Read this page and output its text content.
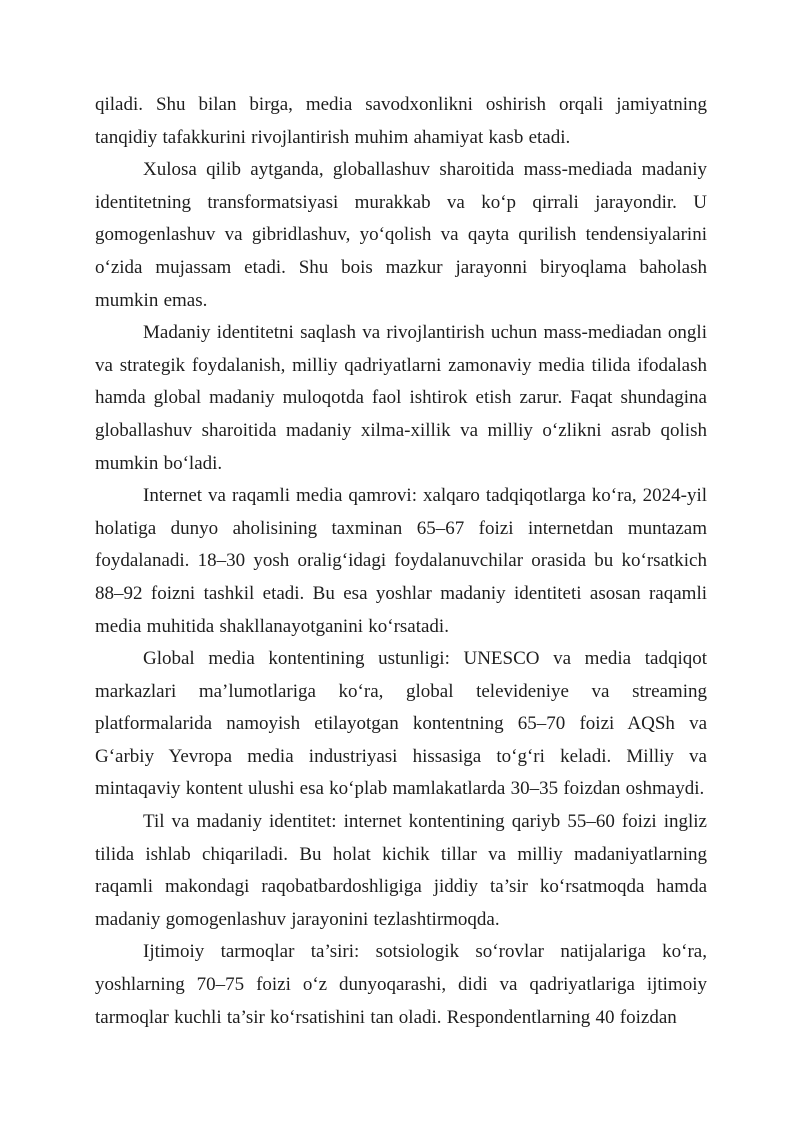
qiladi. Shu bilan birga, media savodxonlikni oshirish orqali jamiyatning tanqidiy tafakkurini rivojlantirish muhim ahamiyat kasb etadi.

Xulosa qilib aytganda, globallashuv sharoitida mass-mediada madaniy identitetning transformatsiyasi murakkab va ko‘p qirrali jarayondir. U gomogenlashuv va gibridlashuv, yo‘qolish va qayta qurilish tendensiyalarini o‘zida mujassam etadi. Shu bois mazkur jarayonni biryoqlama baholash mumkin emas.

Madaniy identitetni saqlash va rivojlantirish uchun mass-mediadan ongli va strategik foydalanish, milliy qadriyatlarni zamonaviy media tilida ifodalash hamda global madaniy muloqotda faol ishtirok etish zarur. Faqat shundagina globallashuv sharoitida madaniy xilma-xillik va milliy o‘zlikni asrab qolish mumkin bo‘ladi.

Internet va raqamli media qamrovi: xalqaro tadqiqotlarga ko‘ra, 2024-yil holatiga dunyo aholisining taxminan 65–67 foizi internetdan muntazam foydalanadi. 18–30 yosh oralig‘idagi foydalanuvchilar orasida bu ko‘rsatkich 88–92 foizni tashkil etadi. Bu esa yoshlar madaniy identiteti asosan raqamli media muhitida shakllanayotganini ko‘rsatadi.

Global media kontentining ustunligi: UNESCO va media tadqiqot markazlari ma’lumotlariga ko‘ra, global televideniye va streaming platformalarida namoyish etilayotgan kontentning 65–70 foizi AQSh va G‘arbiy Yevropa media industriyasi hissasiga to‘g‘ri keladi. Milliy va mintaqaviy kontent ulushi esa ko‘plab mamlakatlarda 30–35 foizdan oshmaydi.

Til va madaniy identitet: internet kontentining qariyb 55–60 foizi ingliz tilida ishlab chiqariladi. Bu holat kichik tillar va milliy madaniyatlarning raqamli makondagi raqobatbardoshligiga jiddiy ta’sir ko‘rsatmoqda hamda madaniy gomogenlashuv jarayonini tezlashtirmoqda.

Ijtimoiy tarmoqlar ta’siri: sotsiologik so‘rovlar natijalariga ko‘ra, yoshlarning 70–75 foizi o‘z dunyoqarashi, didi va qadriyatlariga ijtimoiy tarmoqlar kuchli ta’sir ko‘rsatishini tan oladi. Respondentlarning 40 foizdan
